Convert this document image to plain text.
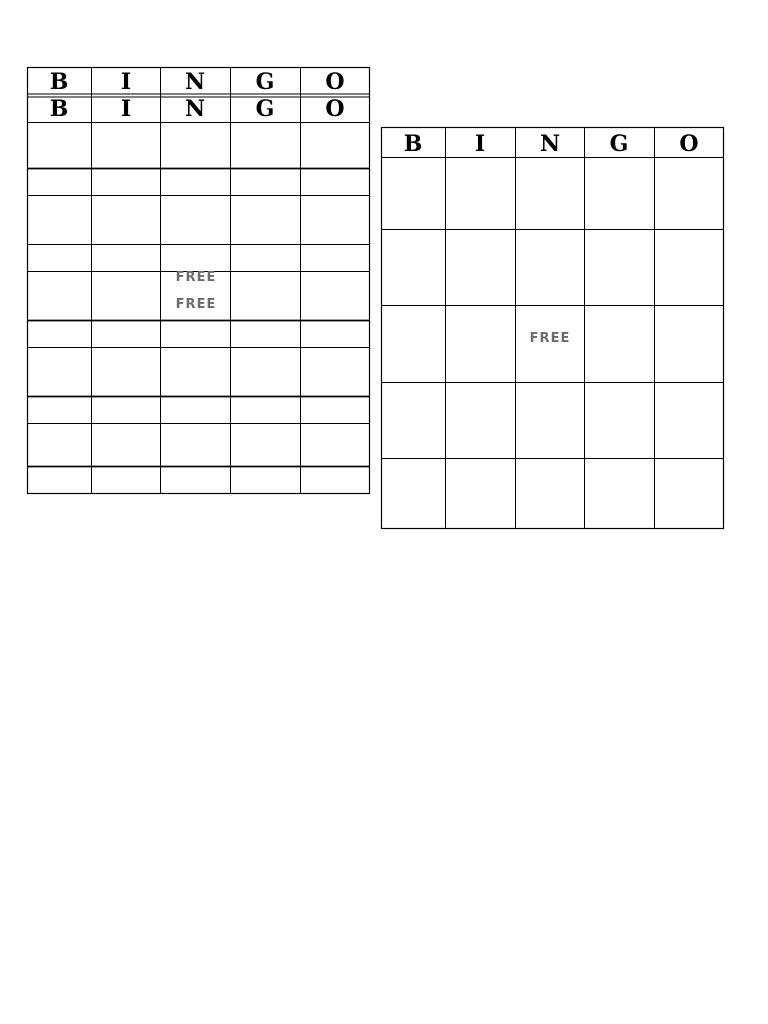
B I N G O
B I N G O
FREE
FREE
B I N G O
FREE
